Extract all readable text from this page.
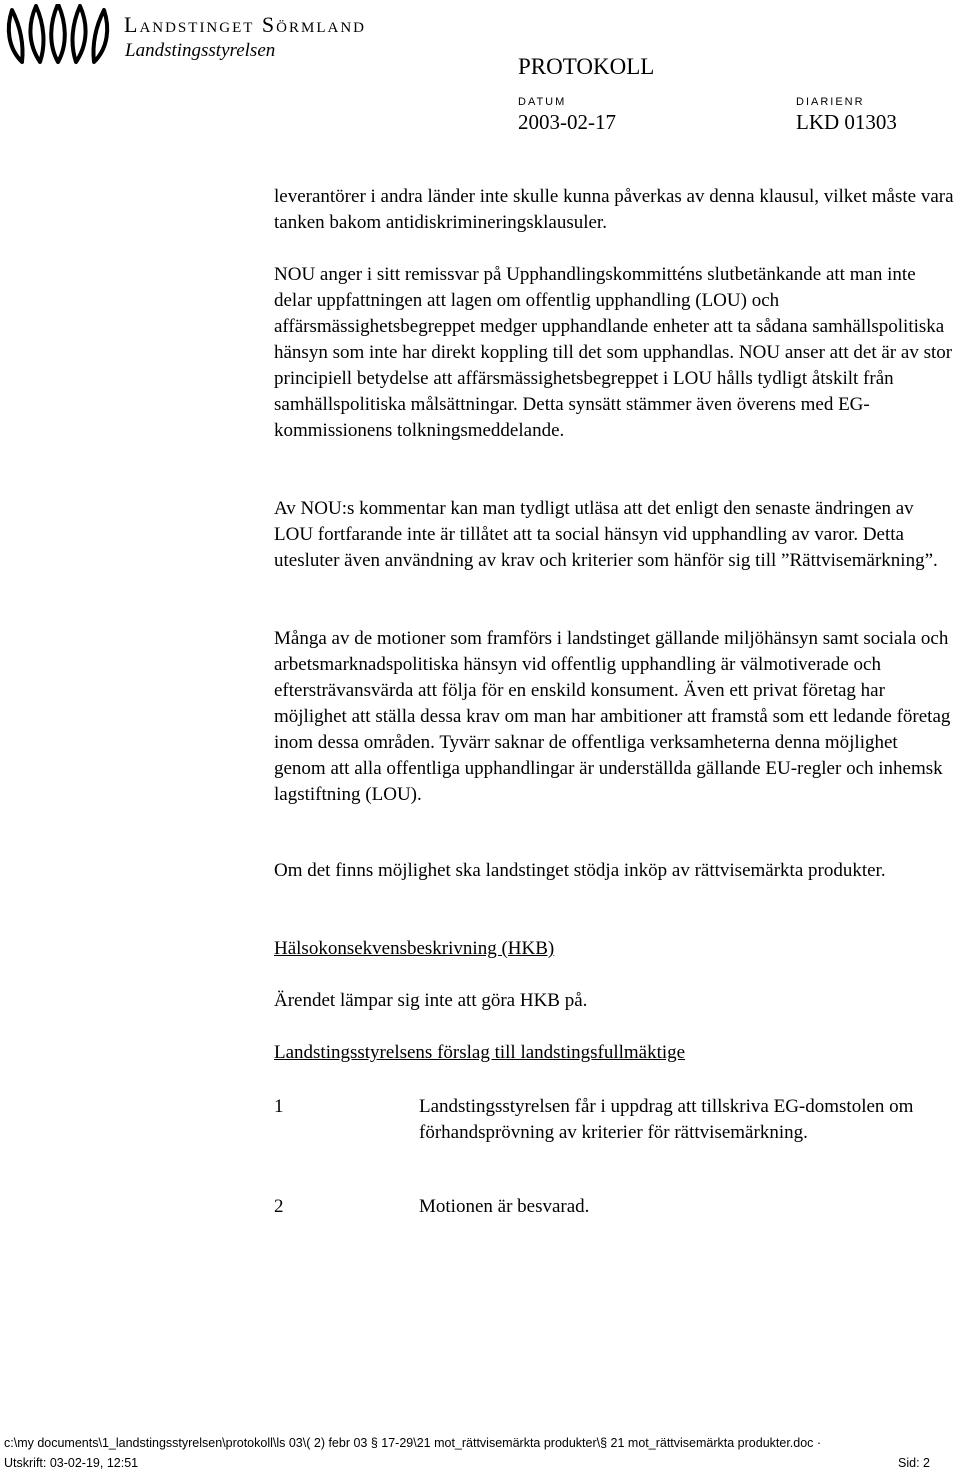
Landstinget Sörmland
Landstingsstyrelsen
PROTOKOLL
DATUM
2003-02-17
DIARIENR
LKD 01303

leverantörer i andra länder inte skulle kunna påverkas av denna klausul, vilket måste vara tanken bakom antidiskrimineringsklausuler.

NOU anger i sitt remissvar på Upphandlingskommitténs slutbetänkande att man inte delar uppfattningen att lagen om offentlig upphandling (LOU) och affärsmässighetsbegreppet medger upphandlande enheter att ta sådana samhällspolitiska hänsyn som inte har direkt koppling till det som upphandlas. NOU anser att det är av stor principiell betydelse att affärsmässighetsbegreppet i LOU hålls tydligt åtskilt från samhällspolitiska målsättningar. Detta synsätt stämmer även överens med EG-kommissionens tolkningsmeddelande.

Av NOU:s kommentar kan man tydligt utläsa att det enligt den senaste ändringen av LOU fortfarande inte är tillåtet att ta social hänsyn vid upphandling av varor. Detta utesluter även användning av krav och kriterier som hänför sig till ”Rättvisemärkning”.

Många av de motioner som framförs i landstinget gällande miljöhänsyn samt sociala och arbetsmarknadspolitiska hänsyn vid offentlig upphandling är välmotiverade och eftersträvansvärda att följa för en enskild konsument. Även ett privat företag har möjlighet att ställa dessa krav om man har ambitioner att framstå som ett ledande företag inom dessa områden. Tyvärr saknar de offentliga verksamheterna denna möjlighet genom att alla offentliga upphandlingar är underställda gällande EU-regler och inhemsk lagstiftning (LOU).

Om det finns möjlighet ska landstinget stödja inköp av rättvisemärkta produkter.

Hälsokonsekvensbeskrivning (HKB)

Ärendet lämpar sig inte att göra HKB på.

Landstingsstyrelsens förslag till landstingsfullmäktige
1	Landstingsstyrelsen får i uppdrag att tillskriva EG-domstolen om förhandsprövning av kriterier för rättvisemärkning.
2	Motionen är besvarad.
c:\my documents\1_landstingsstyrelsen\protokoll\ls 03\( 2) febr 03 § 17-29\21 mot_rättvisemärkta produkter\§ 21 mot_rättvisemärkta produkter.doc ·
Utskrift: 03-02-19, 12:51	Sid: 2
